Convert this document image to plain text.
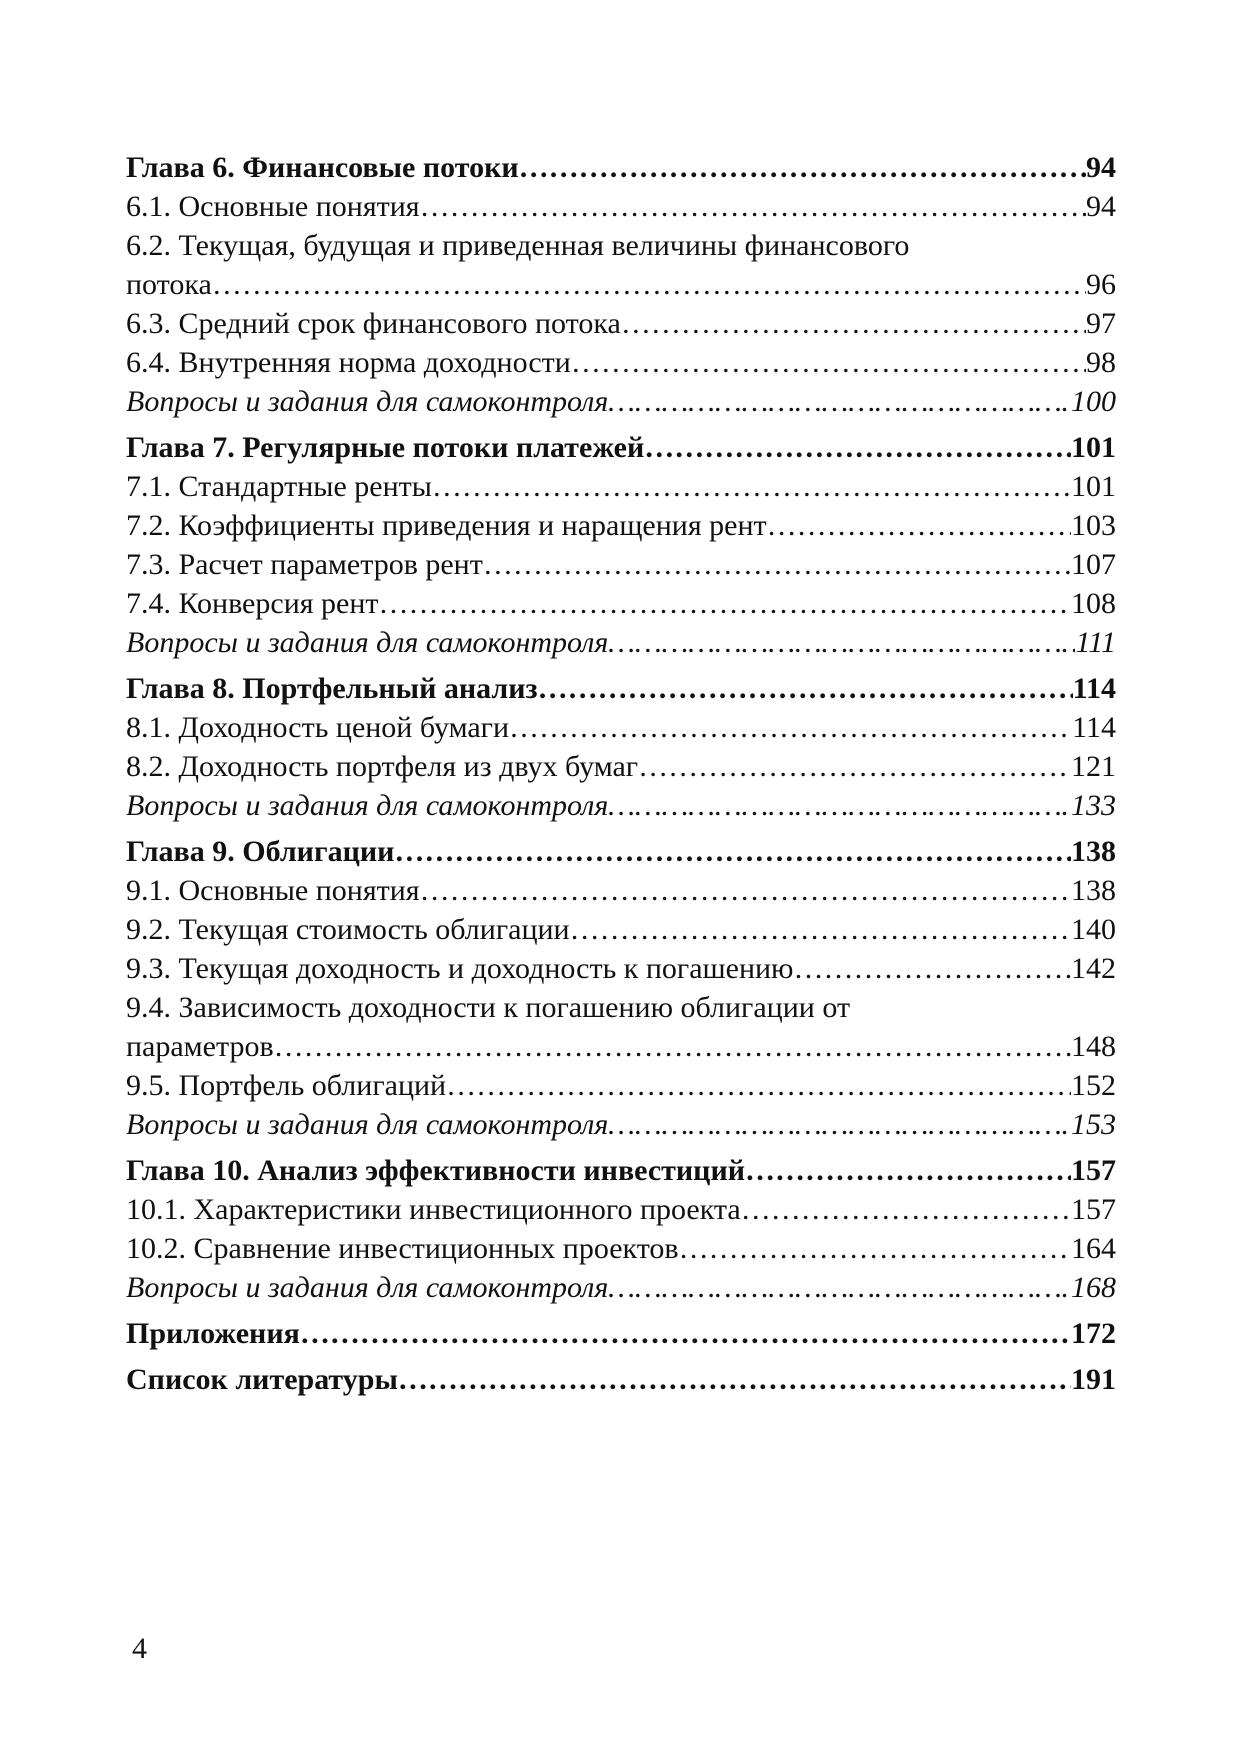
Глава 6. Финансовые потоки ………………………………………………………………………………………………………………………………………………………………………………	94
6.1. Основные понятия ………………………………………………………………………………………………………………………………………………………………………………	94
6.2. Текущая, будущая и приведенная величины финансового
потока ………………………………………………………………………………………………………………………………………………………………………………	96
6.3. Средний срок финансового потока ………………………………………………………………………………………………………………………………………………………………………………	97
6.4. Внутренняя норма доходности ………………………………………………………………………………………………………………………………………………………………………………	98
Вопросы и задания для самоконтроля ………………………………………………………………………………………………………………………………………………………………………………	100
Глава 7. Регулярные потоки платежей ………………………………………………………………………………………………………………………………………………………………………………	101
7.1. Стандартные ренты ………………………………………………………………………………………………………………………………………………………………………………	101
7.2. Коэффициенты приведения и наращения рент ………………………………………………………………………………………………………………………………………………………………………………	103
7.3. Расчет параметров рент ………………………………………………………………………………………………………………………………………………………………………………	107
7.4. Конверсия рент ………………………………………………………………………………………………………………………………………………………………………………	108
Вопросы и задания для самоконтроля ………………………………………………………………………………………………………………………………………………………………………………	111
Глава 8. Портфельный анализ ………………………………………………………………………………………………………………………………………………………………………………	114
8.1. Доходность ценой бумаги ………………………………………………………………………………………………………………………………………………………………………………	114
8.2. Доходность портфеля из двух бумаг ………………………………………………………………………………………………………………………………………………………………………………	121
Вопросы и задания для самоконтроля ………………………………………………………………………………………………………………………………………………………………………………	133
Глава 9. Облигации ………………………………………………………………………………………………………………………………………………………………………………	138
9.1. Основные понятия ………………………………………………………………………………………………………………………………………………………………………………	138
9.2. Текущая стоимость облигации ………………………………………………………………………………………………………………………………………………………………………………	140
9.3. Текущая доходность и доходность к погашению ………………………………………………………………………………………………………………………………………………………………………………	142
9.4. Зависимость доходности к погашению облигации от
параметров ………………………………………………………………………………………………………………………………………………………………………………	148
9.5. Портфель облигаций ………………………………………………………………………………………………………………………………………………………………………………	152
Вопросы и задания для самоконтроля ………………………………………………………………………………………………………………………………………………………………………………	153
Глава 10. Анализ эффективности инвестиций ………………………………………………………………………………………………………………………………………………………………………………	157
10.1. Характеристики инвестиционного проекта ………………………………………………………………………………………………………………………………………………………………………………	157
10.2. Сравнение инвестиционных проектов ………………………………………………………………………………………………………………………………………………………………………………	164
Вопросы и задания для самоконтроля ………………………………………………………………………………………………………………………………………………………………………………	168
Приложения ………………………………………………………………………………………………………………………………………………………………………………	172
Список литературы ………………………………………………………………………………………………………………………………………………………………………………	191
4
